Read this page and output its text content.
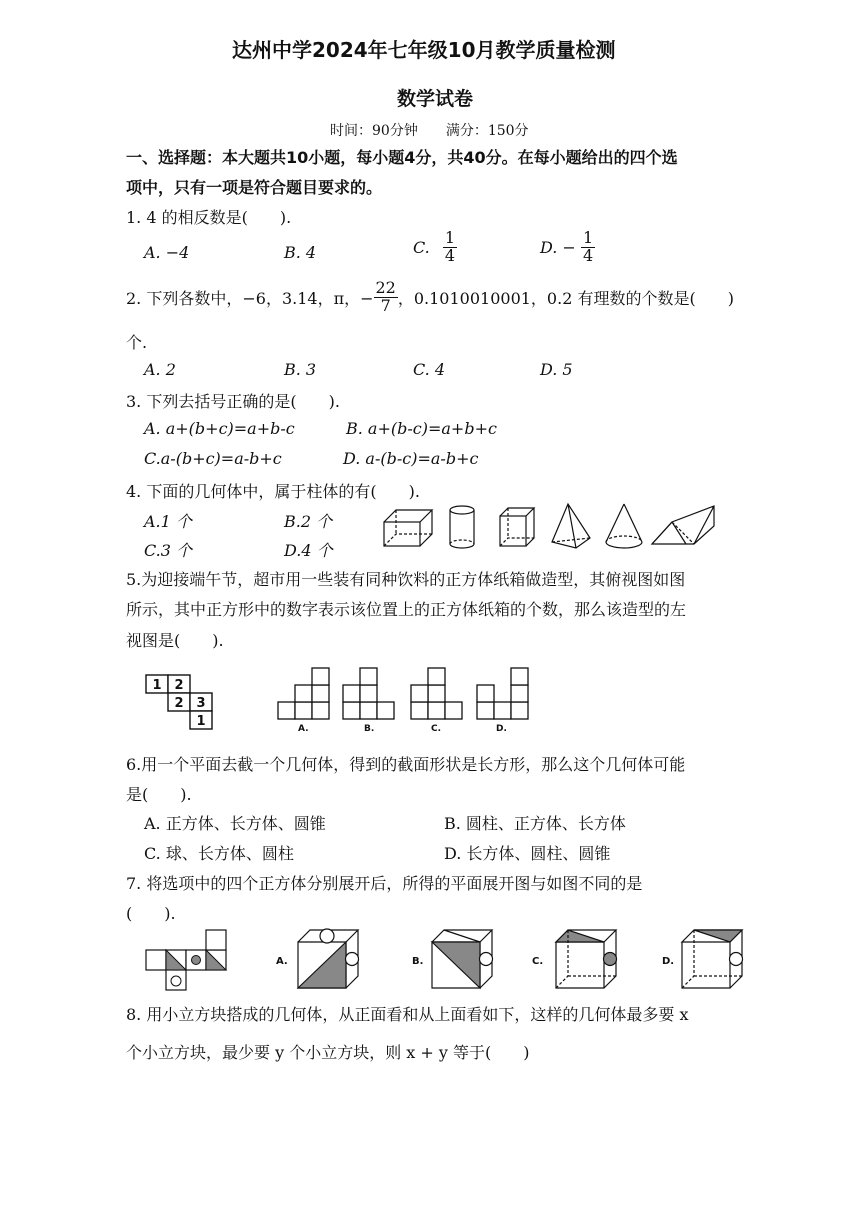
达州中学2024年七年级10月教学质量检测
数学试卷
时间：90分钟　　满分：150分
一、选择题：本大题共10小题，每小题4分，共40分。在每小题给出的四个选
项中，只有一项是符合题目要求的。
1. 4 的相反数是(　　).
A. −4	B. 4	C. $\frac{1}{4}$	D. − $\frac{1}{4}$
2. 下列各数中，−6，3.14，π，− $\frac{22}{7}$ ，0.1010010001，0.2 有理数的个数是(　　)
个.
A. 2	B. 3	C. 4	D. 5
3. 下列去括号正确的是(　　).
A. a+(b+c)=a+b-c	B. a+(b-c)=a+b+c
C.a-(b+c)=a-b+c	D. a-(b-c)=a-b+c
4. 下面的几何体中，属于柱体的有(　　).
A.1 个	B.2 个
C.3 个	D.4 个
5.为迎接端午节，超市用一些装有同种饮料的正方体纸箱做造型，其俯视图如图
所示，其中正方形中的数字表示该位置上的正方体纸箱的个数，那么该造型的左
视图是(　　).
1 2
2 3
1	A.	B.	C.	D.
6.用一个平面去截一个几何体，得到的截面形状是长方形，那么这个几何体可能
是(　　).
A. 正方体、长方体、圆锥	B. 圆柱、正方体、长方体
C. 球、长方体、圆柱	D. 长方体、圆柱、圆锥
7. 将选项中的四个正方体分别展开后，所得的平面展开图与如图不同的是
(　　).
A.	B.	C.	D.
8. 用小立方块搭成的几何体，从正面看和从上面看如下，这样的几何体最多要 x
个小立方块，最少要 y 个小立方块，则 x + y 等于(　　)
